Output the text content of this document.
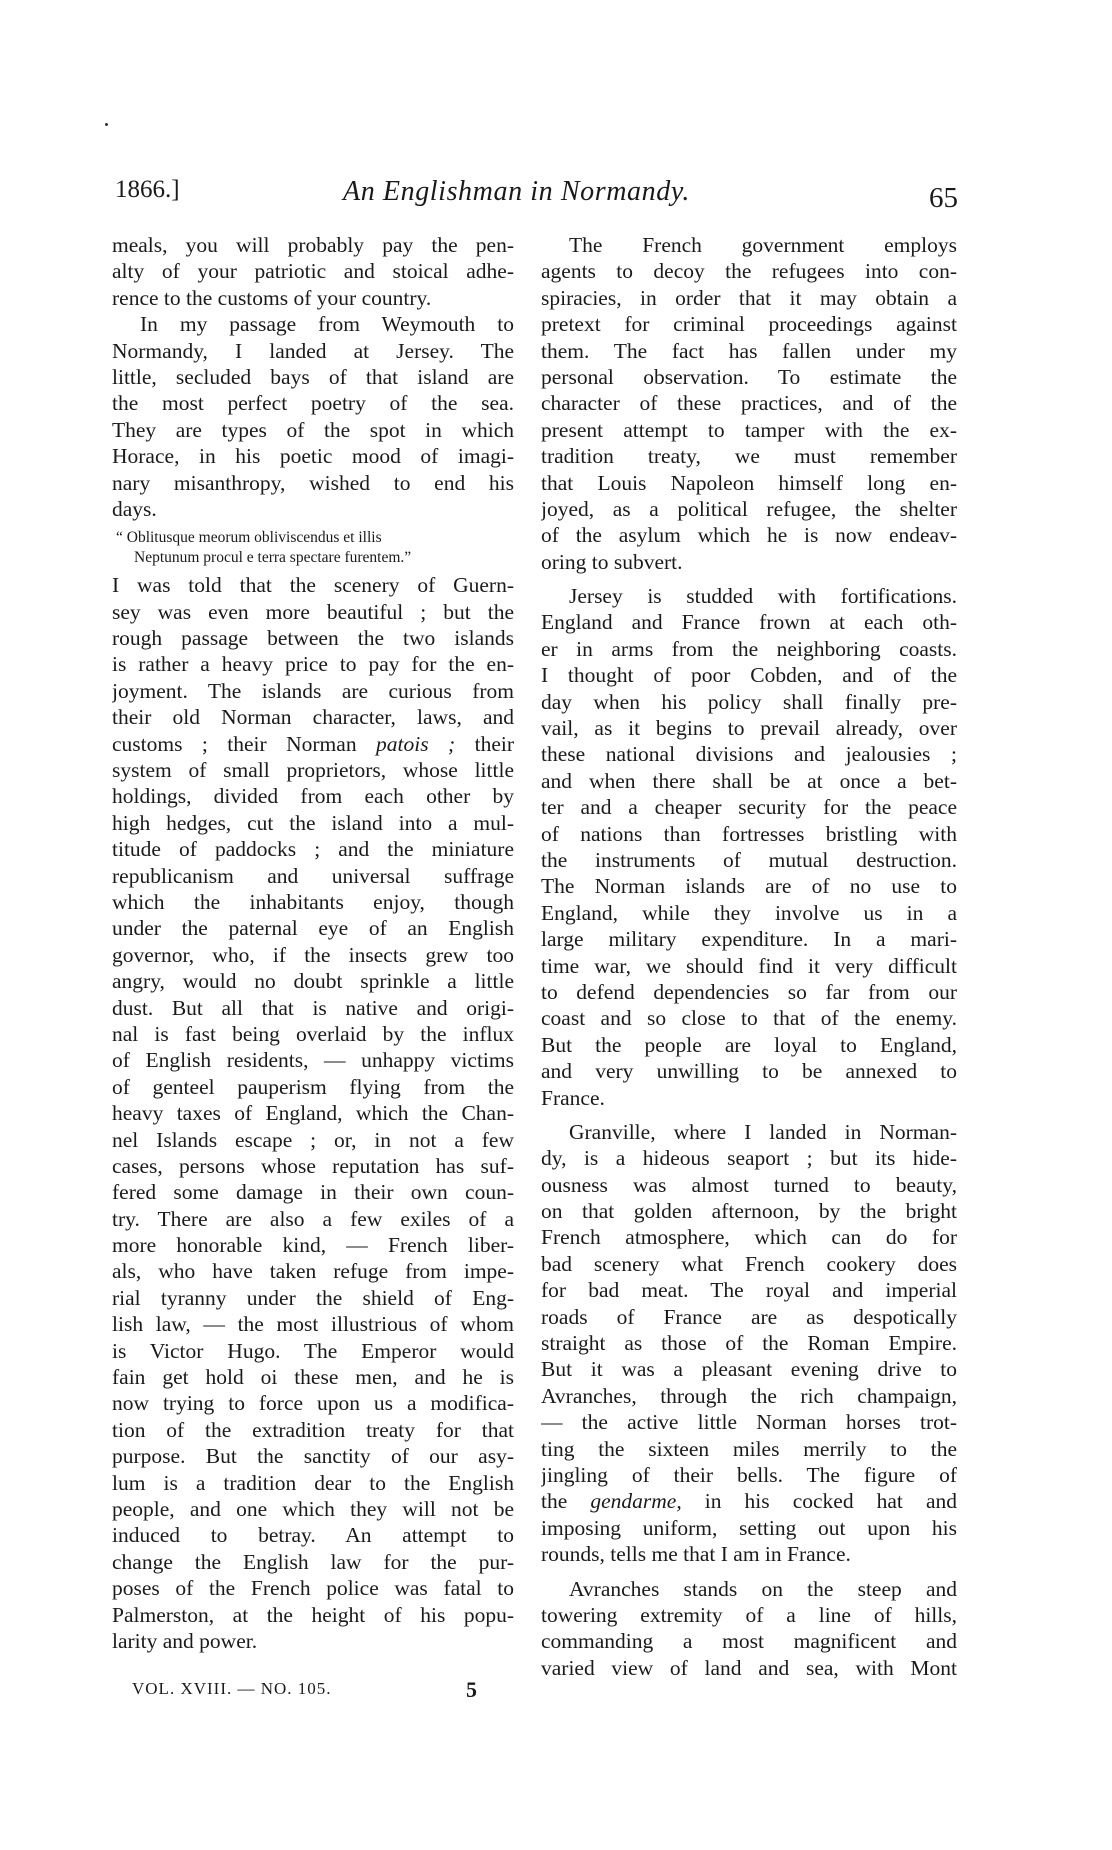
1866.]	An Englishman in Normandy.	65
meals, you will probably pay the pen-
alty of your patriotic and stoical adhe-
rence to the customs of your country.
In my passage from Weymouth to
Normandy, I landed at Jersey. The
little, secluded bays of that island are
the most perfect poetry of the sea.
They are types of the spot in which
Horace, in his poetic mood of imagi-
nary misanthropy, wished to end his
days.
“ Oblitusque meorum obliviscendus et illis
Neptunum procul e terra spectare furentem.”
I was told that the scenery of Guern-
sey was even more beautiful ; but the
rough passage between the two islands
is rather a heavy price to pay for the en-
joyment. The islands are curious from
their old Norman character, laws, and
customs ; their Norman patois ; their
system of small proprietors, whose little
holdings, divided from each other by
high hedges, cut the island into a mul-
titude of paddocks ; and the miniature
republicanism and universal suffrage
which the inhabitants enjoy, though
under the paternal eye of an English
governor, who, if the insects grew too
angry, would no doubt sprinkle a little
dust. But all that is native and origi-
nal is fast being overlaid by the influx
of English residents, — unhappy victims
of genteel pauperism flying from the
heavy taxes of England, which the Chan-
nel Islands escape ; or, in not a few
cases, persons whose reputation has suf-
fered some damage in their own coun-
try. There are also a few exiles of a
more honorable kind, — French liber-
als, who have taken refuge from impe-
rial tyranny under the shield of Eng-
lish law, — the most illustrious of whom
is Victor Hugo. The Emperor would
fain get hold oi these men, and he is
now trying to force upon us a modifica-
tion of the extradition treaty for that
purpose. But the sanctity of our asy-
lum is a tradition dear to the English
people, and one which they will not be
induced to betray. An attempt to
change the English law for the pur-
poses of the French police was fatal to
Palmerston, at the height of his popu-
larity and power.
The French government employs
agents to decoy the refugees into con-
spiracies, in order that it may obtain a
pretext for criminal proceedings against
them. The fact has fallen under my
personal observation. To estimate the
character of these practices, and of the
present attempt to tamper with the ex-
tradition treaty, we must remember
that Louis Napoleon himself long en-
joyed, as a political refugee, the shelter
of the asylum which he is now endeav-
oring to subvert.
Jersey is studded with fortifications.
England and France frown at each oth-
er in arms from the neighboring coasts.
I thought of poor Cobden, and of the
day when his policy shall finally pre-
vail, as it begins to prevail already, over
these national divisions and jealousies ;
and when there shall be at once a bet-
ter and a cheaper security for the peace
of nations than fortresses bristling with
the instruments of mutual destruction.
The Norman islands are of no use to
England, while they involve us in a
large military expenditure. In a mari-
time war, we should find it very difficult
to defend dependencies so far from our
coast and so close to that of the enemy.
But the people are loyal to England,
and very unwilling to be annexed to
France.
Granville, where I landed in Norman-
dy, is a hideous seaport ; but its hide-
ousness was almost turned to beauty,
on that golden afternoon, by the bright
French atmosphere, which can do for
bad scenery what French cookery does
for bad meat. The royal and imperial
roads of France are as despotically
straight as those of the Roman Empire.
But it was a pleasant evening drive to
Avranches, through the rich champaign,
— the active little Norman horses trot-
ting the sixteen miles merrily to the
jingling of their bells. The figure of
the gendarme, in his cocked hat and
imposing uniform, setting out upon his
rounds, tells me that I am in France.
Avranches stands on the steep and
towering extremity of a line of hills,
commanding a most magnificent and
varied view of land and sea, with Mont
VOL. XVIII. — NO. 105.	5
